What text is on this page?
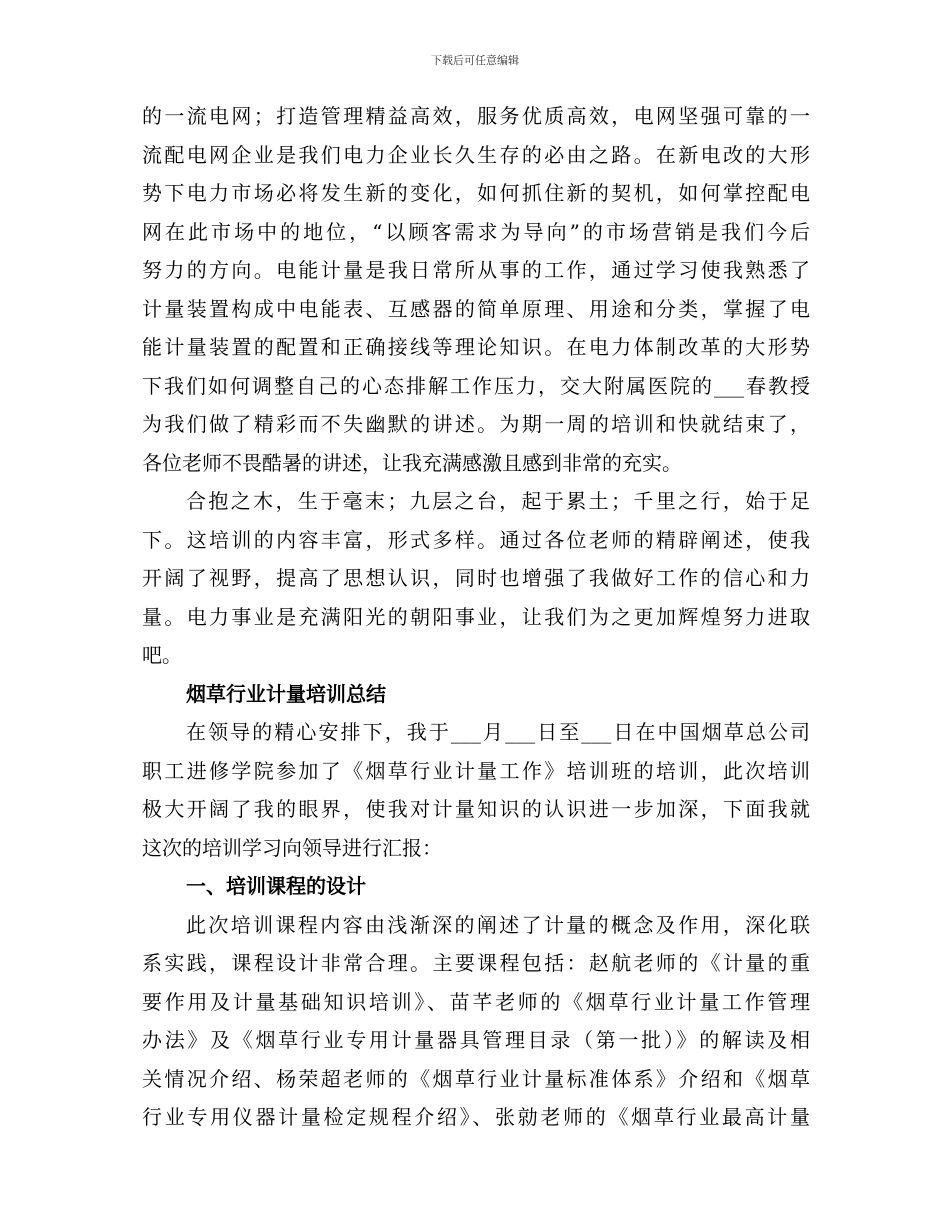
下载后可任意编辑
的一流电网；打造管理精益高效，服务优质高效，电网坚强可靠的一
流配电网企业是我们电力企业长久生存的必由之路。在新电改的大形
势下电力市场必将发生新的变化，如何抓住新的契机，如何掌控配电
网在此市场中的地位，“以顾客需求为导向”的市场营销是我们今后
努力的方向。电能计量是我日常所从事的工作，通过学习使我熟悉了
计量装置构成中电能表、互感器的简单原理、用途和分类，掌握了电
能计量装置的配置和正确接线等理论知识。在电力体制改革的大形势
下我们如何调整自己的心态排解工作压力，交大附属医院的___春教授
为我们做了精彩而不失幽默的讲述。为期一周的培训和快就结束了，
各位老师不畏酷暑的讲述，让我充满感激且感到非常的充实。
合抱之木，生于毫末；九层之台，起于累土；千里之行，始于足
下。这培训的内容丰富，形式多样。通过各位老师的精辟阐述，使我
开阔了视野，提高了思想认识，同时也增强了我做好工作的信心和力
量。电力事业是充满阳光的朝阳事业，让我们为之更加辉煌努力进取
吧。
烟草行业计量培训总结
在领导的精心安排下，我于___月___日至___日在中国烟草总公司
职工进修学院参加了《烟草行业计量工作》培训班的培训，此次培训
极大开阔了我的眼界，使我对计量知识的认识进一步加深，下面我就
这次的培训学习向领导进行汇报：
一、培训课程的设计
此次培训课程内容由浅渐深的阐述了计量的概念及作用，深化联
系实践，课程设计非常合理。主要课程包括：赵航老师的《计量的重
要作用及计量基础知识培训》、苗芊老师的《烟草行业计量工作管理
办法》及《烟草行业专用计量器具管理目录（第一批）》的解读及相
关情况介绍、杨荣超老师的《烟草行业计量标准体系》介绍和《烟草
行业专用仪器计量检定规程介绍》、张勍老师的《烟草行业最高计量
